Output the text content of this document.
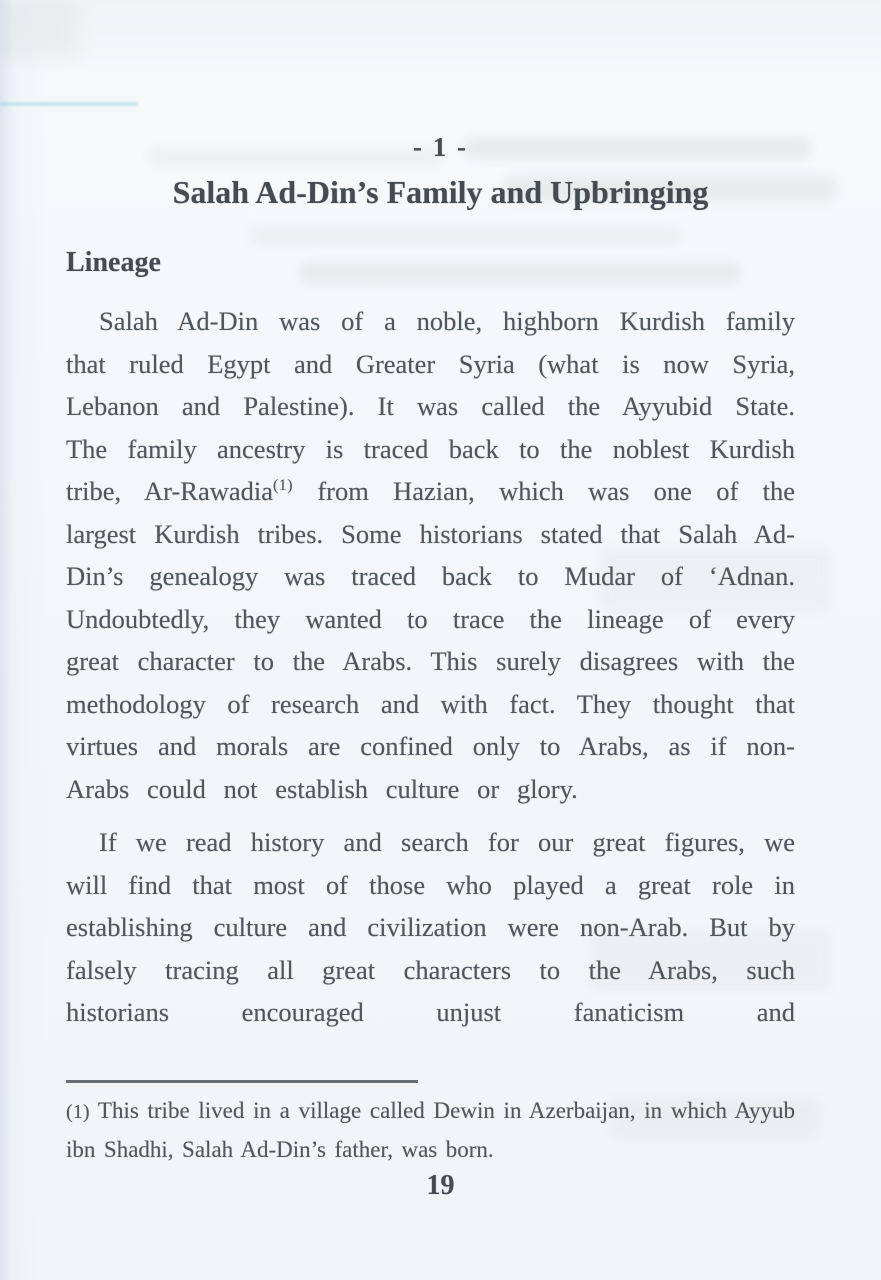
- 1 -
Salah Ad-Din’s Family and Upbringing
Lineage

Salah Ad-Din was of a noble, highborn Kurdish family that ruled Egypt and Greater Syria (what is now Syria, Lebanon and Palestine). It was called the Ayyubid State. The family ancestry is traced back to the noblest Kurdish tribe, Ar-Rawadia$^{(1)}$ from Hazian, which was one of the largest Kurdish tribes. Some historians stated that Salah Ad-Din’s genealogy was traced back to Mudar of ‘Adnan. Undoubtedly, they wanted to trace the lineage of every great character to the Arabs. This surely disagrees with the methodology of research and with fact. They thought that virtues and morals are confined only to Arabs, as if non-Arabs could not establish culture or glory.

If we read history and search for our great figures, we will find that most of those who played a great role in establishing culture and civilization were non-Arab. But by falsely tracing all great characters to the Arabs, such historians encouraged unjust fanaticism and

(1) This tribe lived in a village called Dewin in Azerbaijan, in which Ayyub ibn Shadhi, Salah Ad-Din’s father, was born.

19
